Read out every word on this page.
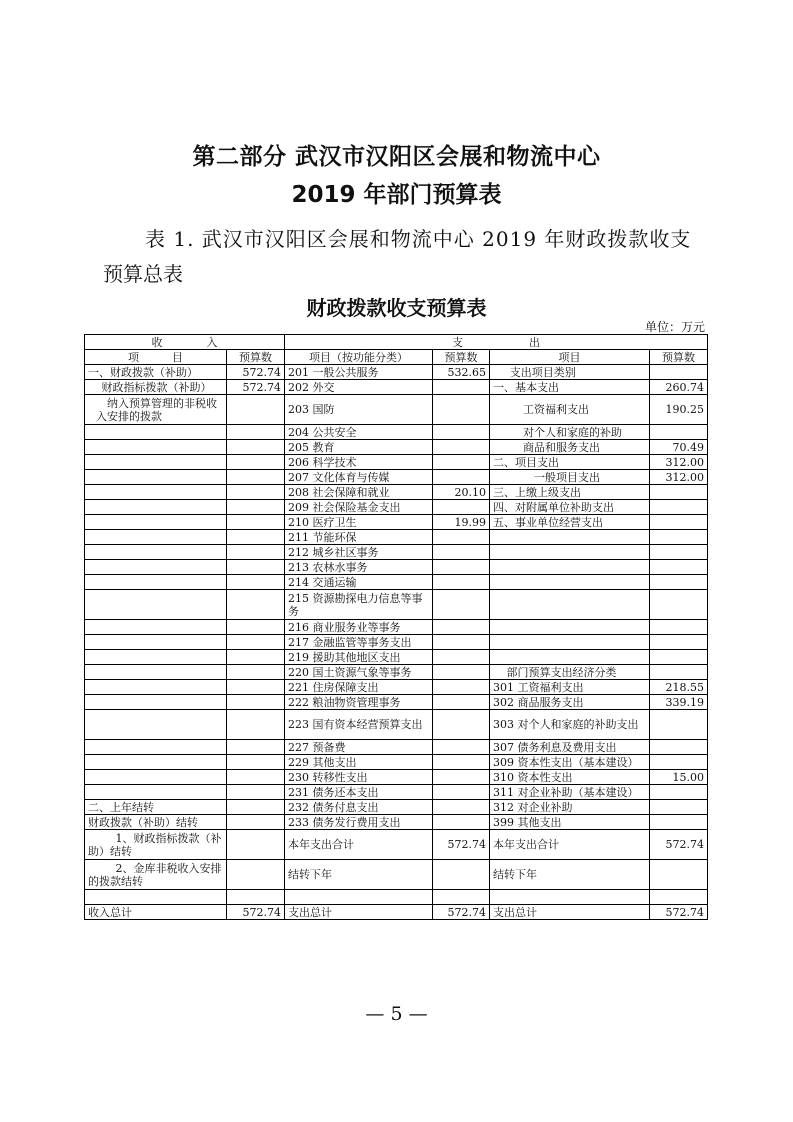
第二部分 武汉市汉阳区会展和物流中心
2019 年部门预算表
表 1. 武汉市汉阳区会展和物流中心 2019 年财政拨款收支
预算总表
财政拨款收支预算表
单位：万元
收　　　　入		支　　　　　　出			
项　　　目	预算数	项目（按功能分类）	预算数	项目	预算数
一、财政拨款（补助）	572.74	201 一般公共服务	532.65	支出项目类别	
财政指标拨款（补助）	572.74	202 外交		一、基本支出	260.74
纳入预算管理的非税收入安排的拨款		203 国防		工资福利支出	190.25
		204 公共安全		对个人和家庭的补助	
		205 教育		商品和服务支出	70.49
		206 科学技术		二、项目支出	312.00
		207 文化体育与传媒		一般项目支出	312.00
		208 社会保障和就业	20.10	三、上缴上级支出	
		209 社会保险基金支出		四、对附属单位补助支出	
		210 医疗卫生	19.99	五、事业单位经营支出	
		211 节能环保			
		212 城乡社区事务			
		213 农林水事务			
		214 交通运输			
		215 资源勘探电力信息等事务			
		216 商业服务业等事务			
		217 金融监管等事务支出			
		219 援助其他地区支出			
		220 国土资源气象等事务		部门预算支出经济分类	
		221 住房保障支出		301 工资福利支出	218.55
		222 粮油物资管理事务		302 商品服务支出	339.19
		223 国有资本经营预算支出		303 对个人和家庭的补助支出	
		227 预备费		307 债务利息及费用支出	
		229 其他支出		309 资本性支出（基本建设）	
		230 转移性支出		310 资本性支出	15.00
		231 债务还本支出		311 对企业补助（基本建设）	
二、上年结转		232 债务付息支出		312 对企业补助	
财政拨款（补助）结转		233 债务发行费用支出		399 其他支出	
1、财政指标拨款（补助）结转		本年支出合计	572.74	本年支出合计	572.74
2、金库非税收入安排的拨款结转		结转下年		结转下年	

收入总计	572.74	支出总计	572.74	支出总计	572.74
— 5 —
